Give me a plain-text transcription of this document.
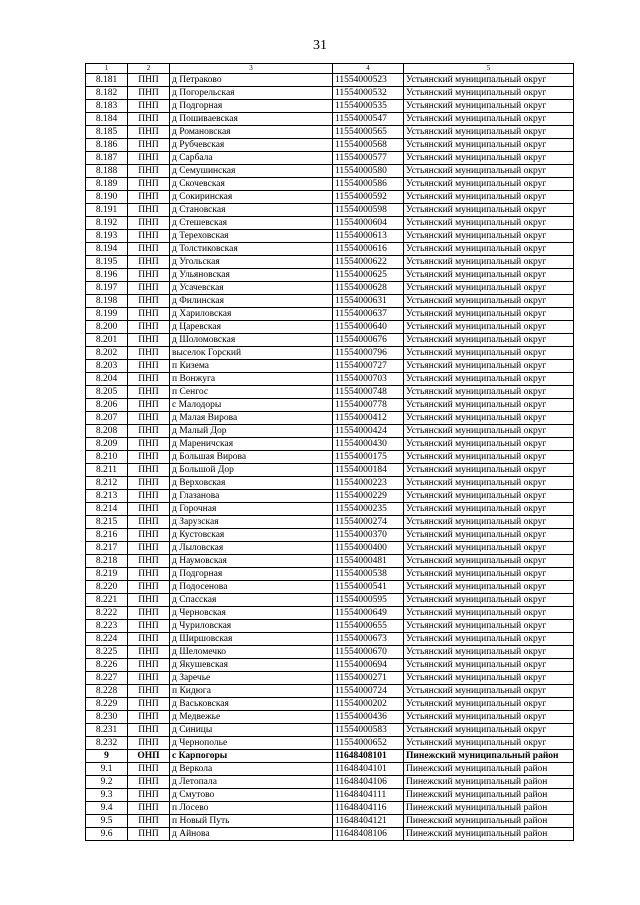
31
1	2	3	4	5
8.181	ПНП	д Петраково	11554000523	Устьянский муниципальный округ
8.182	ПНП	д Погорельская	11554000532	Устьянский муниципальный округ
8.183	ПНП	д Подгорная	11554000535	Устьянский муниципальный округ
8.184	ПНП	д Пошивaевская	11554000547	Устьянский муниципальный округ
8.185	ПНП	д Романовская	11554000565	Устьянский муниципальный округ
8.186	ПНП	д Рубчевская	11554000568	Устьянский муниципальный округ
8.187	ПНП	д Сарбала	11554000577	Устьянский муниципальный округ
8.188	ПНП	д Семушинская	11554000580	Устьянский муниципальный округ
8.189	ПНП	д Скочевская	11554000586	Устьянский муниципальный округ
8.190	ПНП	д Сокиринская	11554000592	Устьянский муниципальный округ
8.191	ПНП	д Становская	11554000598	Устьянский муниципальный округ
8.192	ПНП	д Стешевская	11554000604	Устьянский муниципальный округ
8.193	ПНП	д Тереховская	11554000613	Устьянский муниципальный округ
8.194	ПНП	д Толстиковская	11554000616	Устьянский муниципальный округ
8.195	ПНП	д Угольская	11554000622	Устьянский муниципальный округ
8.196	ПНП	д Ульяновская	11554000625	Устьянский муниципальный округ
8.197	ПНП	д Усачевская	11554000628	Устьянский муниципальный округ
8.198	ПНП	д Филинская	11554000631	Устьянский муниципальный округ
8.199	ПНП	д Хариловская	11554000637	Устьянский муниципальный округ
8.200	ПНП	д Царевская	11554000640	Устьянский муниципальный округ
8.201	ПНП	д Шоломовская	11554000676	Устьянский муниципальный округ
8.202	ПНП	выселок Горский	11554000796	Устьянский муниципальный округ
8.203	ПНП	п Кизема	11554000727	Устьянский муниципальный округ
8.204	ПНП	п Вонжуга	11554000703	Устьянский муниципальный округ
8.205	ПНП	п Сенгос	11554000748	Устьянский муниципальный округ
8.206	ПНП	с Малодоры	11554000778	Устьянский муниципальный округ
8.207	ПНП	д Малая Вирова	11554000412	Устьянский муниципальный округ
8.208	ПНП	д Малый Дор	11554000424	Устьянский муниципальный округ
8.209	ПНП	д Мареничская	11554000430	Устьянский муниципальный округ
8.210	ПНП	д Большая Вирова	11554000175	Устьянский муниципальный округ
8.211	ПНП	д Большой Дор	11554000184	Устьянский муниципальный округ
8.212	ПНП	д Верховская	11554000223	Устьянский муниципальный округ
8.213	ПНП	д Глазанова	11554000229	Устьянский муниципальный округ
8.214	ПНП	д Горочная	11554000235	Устьянский муниципальный округ
8.215	ПНП	д Зарузская	11554000274	Устьянский муниципальный округ
8.216	ПНП	д Кустовская	11554000370	Устьянский муниципальный округ
8.217	ПНП	д Лыловская	11554000400	Устьянский муниципальный округ
8.218	ПНП	д Наумовская	11554000481	Устьянский муниципальный округ
8.219	ПНП	д Подгорная	11554000538	Устьянский муниципальный округ
8.220	ПНП	д Подосеновa	11554000541	Устьянский муниципальный округ
8.221	ПНП	д Спасская	11554000595	Устьянский муниципальный округ
8.222	ПНП	д Черновская	11554000649	Устьянский муниципальный округ
8.223	ПНП	д Чуриловская	11554000655	Устьянский муниципальный округ
8.224	ПНП	д Ширшовская	11554000673	Устьянский муниципальный округ
8.225	ПНП	д Шеломечко	11554000670	Устьянский муниципальный округ
8.226	ПНП	д Якушевская	11554000694	Устьянский муниципальный округ
8.227	ПНП	д Заречье	11554000271	Устьянский муниципальный округ
8.228	ПНП	п Кидюга	11554000724	Устьянский муниципальный округ
8.229	ПНП	д Васьковская	11554000202	Устьянский муниципальный округ
8.230	ПНП	д Медвежье	11554000436	Устьянский муниципальный округ
8.231	ПНП	д Синицы	11554000583	Устьянский муниципальный округ
8.232	ПНП	д Чернополье	11554000652	Устьянский муниципальный округ
9	ОНП	с Карпогоры	11648408101	Пинежский муниципальный район
9.1	ПНП	д Веркола	11648404101	Пинежский муниципальный район
9.2	ПНП	д Летопала	11648404106	Пинежский муниципальный район
9.3	ПНП	д Смутово	11648404111	Пинежский муниципальный район
9.4	ПНП	п Лосево	11648404116	Пинежский муниципальный район
9.5	ПНП	п Новый Путь	11648404121	Пинежский муниципальный район
9.6	ПНП	д Айнова	11648408106	Пинежский муниципальный район
